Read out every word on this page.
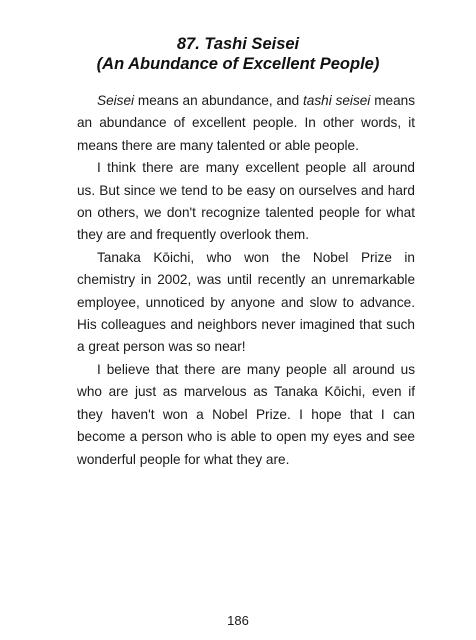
87. Tashi Seisei
(An Abundance of Excellent People)

Seisei means an abundance, and tashi seisei means an abundance of excellent people. In other words, it means there are many talented or able people.

I think there are many excellent people all around us. But since we tend to be easy on ourselves and hard on others, we don't recognize talented people for what they are and frequently overlook them.

Tanaka Kōichi, who won the Nobel Prize in chemistry in 2002, was until recently an unremarkable employee, unnoticed by anyone and slow to advance. His colleagues and neighbors never imagined that such a great person was so near!

I believe that there are many people all around us who are just as marvelous as Tanaka Kōichi, even if they haven't won a Nobel Prize. I hope that I can become a person who is able to open my eyes and see wonderful people for what they are.

186
